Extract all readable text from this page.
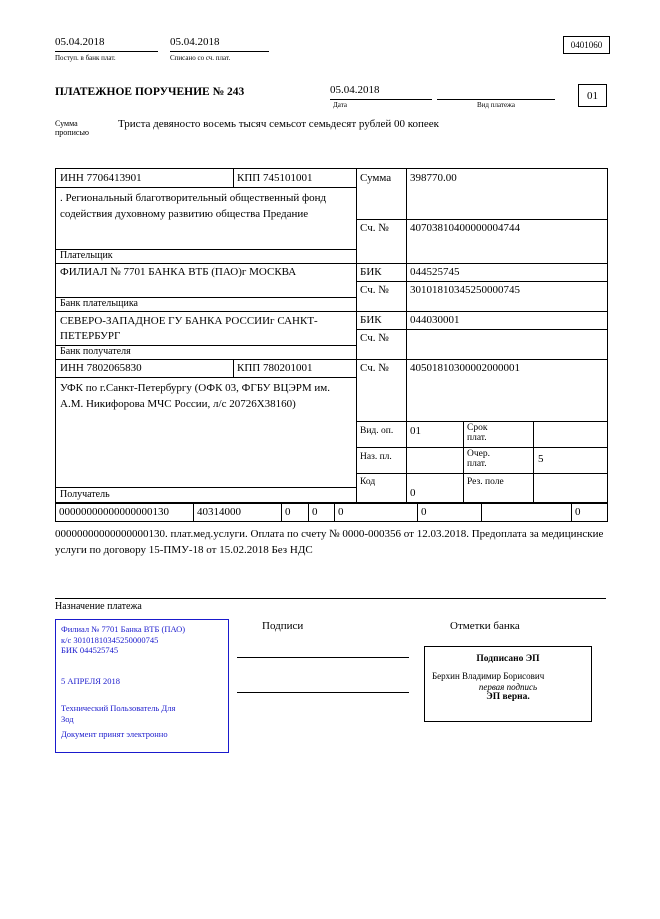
05.04.2018
Поступ. в банк плат.
05.04.2018
Списано со сч. плат.
0401060
ПЛАТЕЖНОЕ ПОРУЧЕНИЕ № 243	05.04.2018
Дата	Вид платежа
01
Сумма прописью
Триста девяносто восемь тысяч семьсот семьдесят рублей 00 копеек
ИНН 7706413901	КПП 745101001	Сумма 398770.00
. Региональный благотворительный общественный фонд содействия духовному развитию общества Предание
Сч. № 40703810400000004744
Плательщик
ФИЛИАЛ № 7701 БАНКА ВТБ (ПАО)г МОСКВА	БИК	044525745
Сч. № 30101810345250000745
Банк плательщика
СЕВЕРО-ЗАПАДНОЕ ГУ БАНКА РОССИИг САНКТ-ПЕТЕРБУРГ
БИК	044030001
Сч. №
Банк получателя
ИНН 7802065830	КПП 780201001	Сч. № 40501810300002000001
УФК по г.Санкт-Петербургу (ОФК 03, ФГБУ ВЦЭРМ им. А.М. Никифорова МЧС России, л/с 20726X38160)
Получатель
Вид. оп. 01	Срок плат.
Наз. пл.	Очер. плат.	5
Код
0
Рез. поле
00000000000000000130	40314000	0	0	0	0	0
00000000000000000130. плат.мед.услуги. Оплата по счету № 0000-000356 от 12.03.2018. Предоплата за медицинские услуги по договору 15-ПМУ-18 от 15.02.2018 Без НДС
Назначение платежа
Филиал № 7701 Банка ВТБ (ПАО)
к/с 30101810345250000745
БИК 044525745
5 АПРЕЛЯ 2018
Технический Пользователь Для
Зод
Документ принят электронно
Подписи	Отметки банка
Подписано ЭП
Берхин Владимир Борисович
первая подпись
ЭП верна.
